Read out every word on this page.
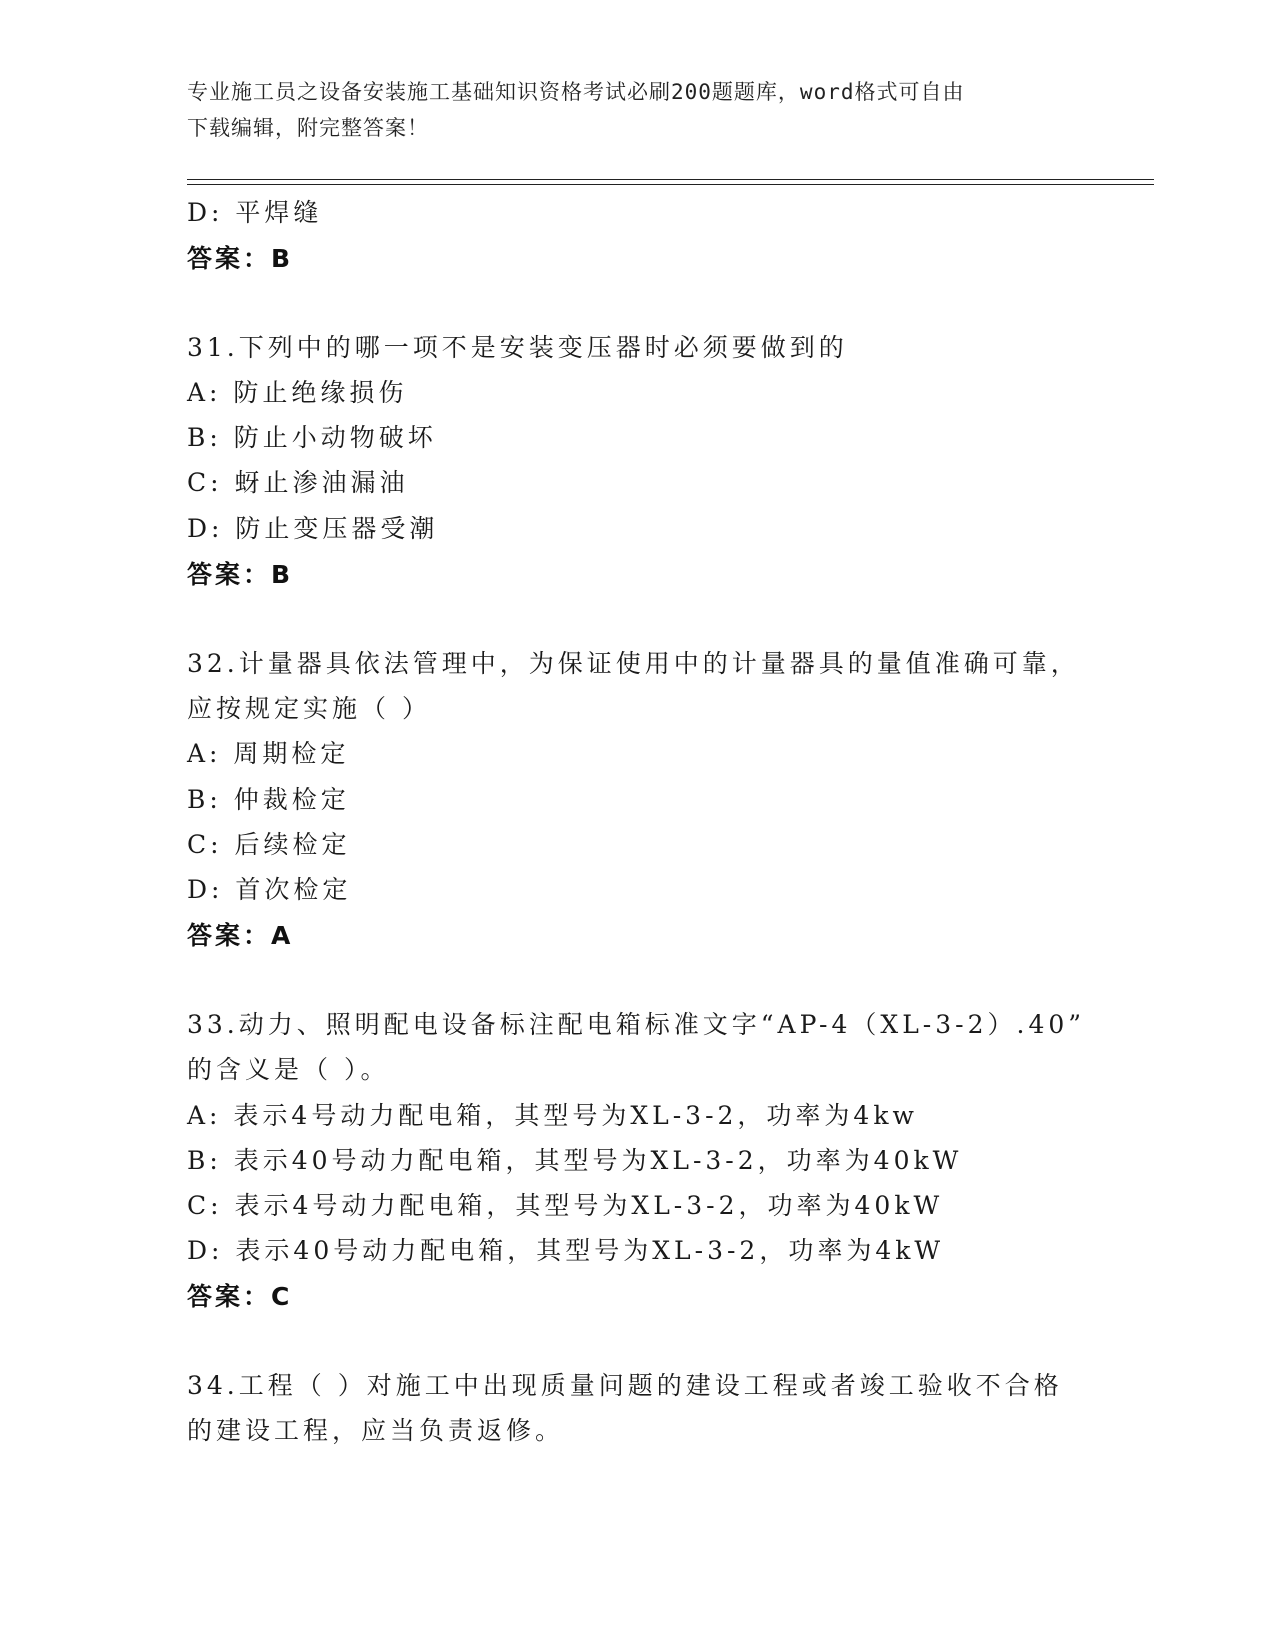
专业施工员之设备安装施工基础知识资格考试必刷200题题库，word格式可自由
下载编辑，附完整答案！
D: 平焊缝
答案：B
31.下列中的哪一项不是安装变压器时必须要做到的
A: 防止绝缘损伤
B: 防止小动物破坏
C: 蚜止渗油漏油
D: 防止变压器受潮
答案：B
32.计量器具依法管理中，为保证使用中的计量器具的量值准确可靠，
应按规定实施（ ）
A: 周期检定
B: 仲裁检定
C: 后续检定
D: 首次检定
答案：A
33.动力、照明配电设备标注配电箱标准文字“AP-4（XL-3-2）.40”
的含义是（ ）。
A: 表示4号动力配电箱，其型号为XL-3-2，功率为4kw
B: 表示40号动力配电箱，其型号为XL-3-2，功率为40kW
C: 表示4号动力配电箱，其型号为XL-3-2，功率为40kW
D: 表示40号动力配电箱，其型号为XL-3-2，功率为4kW
答案：C
34.工程（ ）对施工中出现质量问题的建设工程或者竣工验收不合格
的建设工程，应当负责返修。
